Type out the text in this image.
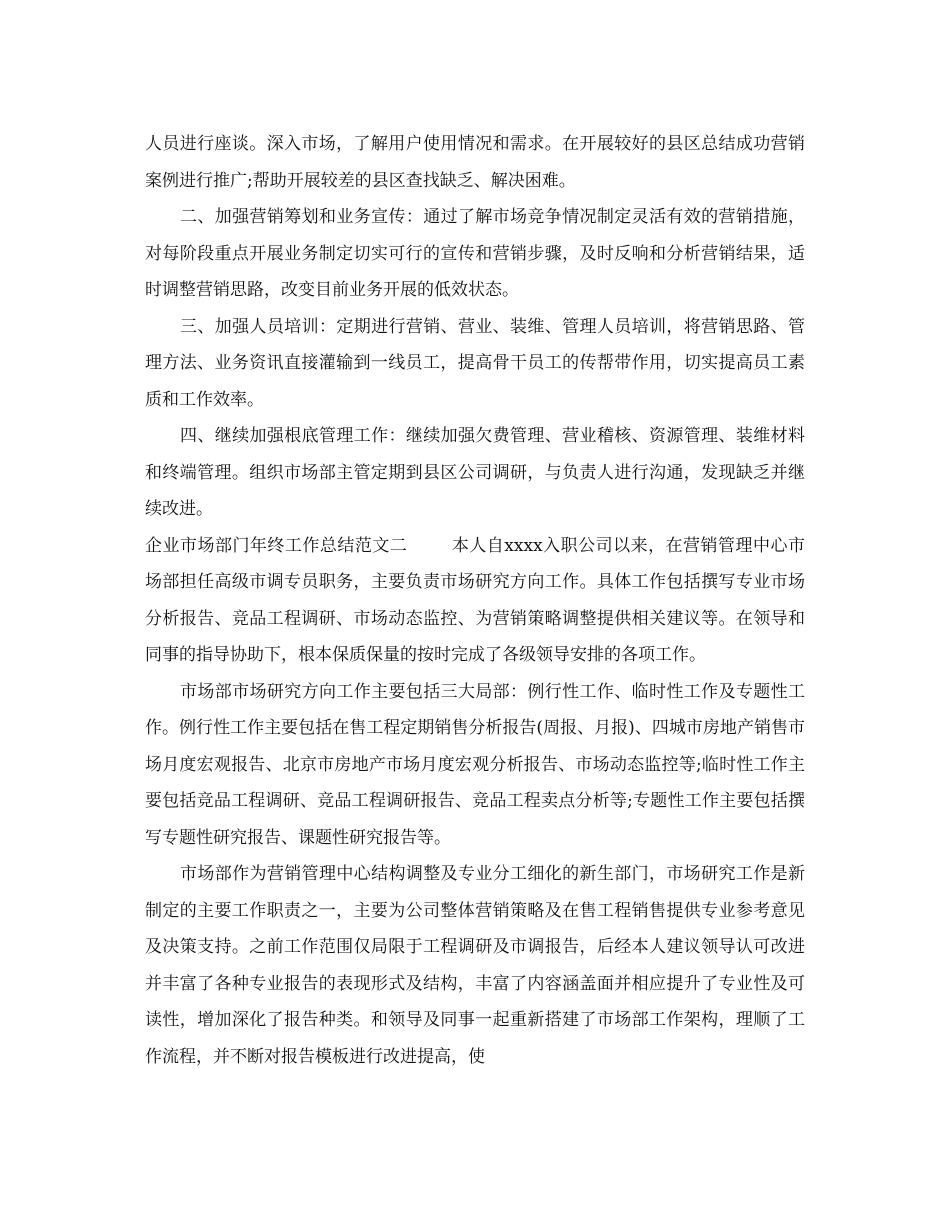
人员进行座谈。深入市场，了解用户使用情况和需求。在开展较好的县区总结成功营销案例进行推广;帮助开展较差的县区查找缺乏、解决困难。

二、加强营销筹划和业务宣传：通过了解市场竞争情况制定灵活有效的营销措施，对每阶段重点开展业务制定切实可行的宣传和营销步骤，及时反响和分析营销结果，适时调整营销思路，改变目前业务开展的低效状态。

三、加强人员培训：定期进行营销、营业、装维、管理人员培训，将营销思路、管理方法、业务资讯直接灌输到一线员工，提高骨干员工的传帮带作用，切实提高员工素质和工作效率。

四、继续加强根底管理工作：继续加强欠费管理、营业稽核、资源管理、装维材料和终端管理。组织市场部主管定期到县区公司调研，与负责人进行沟通，发现缺乏并继续改进。

企业市场部门年终工作总结范文二	本人自xxxx入职公司以来，在营销管理中心市场部担任高级市调专员职务，主要负责市场研究方向工作。具体工作包括撰写专业市场分析报告、竞品工程调研、市场动态监控、为营销策略调整提供相关建议等。在领导和同事的指导协助下，根本保质保量的按时完成了各级领导安排的各项工作。

市场部市场研究方向工作主要包括三大局部：例行性工作、临时性工作及专题性工作。例行性工作主要包括在售工程定期销售分析报告(周报、月报)、四城市房地产销售市场月度宏观报告、北京市房地产市场月度宏观分析报告、市场动态监控等;临时性工作主要包括竞品工程调研、竞品工程调研报告、竞品工程卖点分析等;专题性工作主要包括撰写专题性研究报告、课题性研究报告等。

市场部作为营销管理中心结构调整及专业分工细化的新生部门，市场研究工作是新制定的主要工作职责之一，主要为公司整体营销策略及在售工程销售提供专业参考意见及决策支持。之前工作范围仅局限于工程调研及市调报告，后经本人建议领导认可改进并丰富了各种专业报告的表现形式及结构，丰富了内容涵盖面并相应提升了专业性及可读性，增加深化了报告种类。和领导及同事一起重新搭建了市场部工作架构，理顺了工作流程，并不断对报告模板进行改进提高，使
